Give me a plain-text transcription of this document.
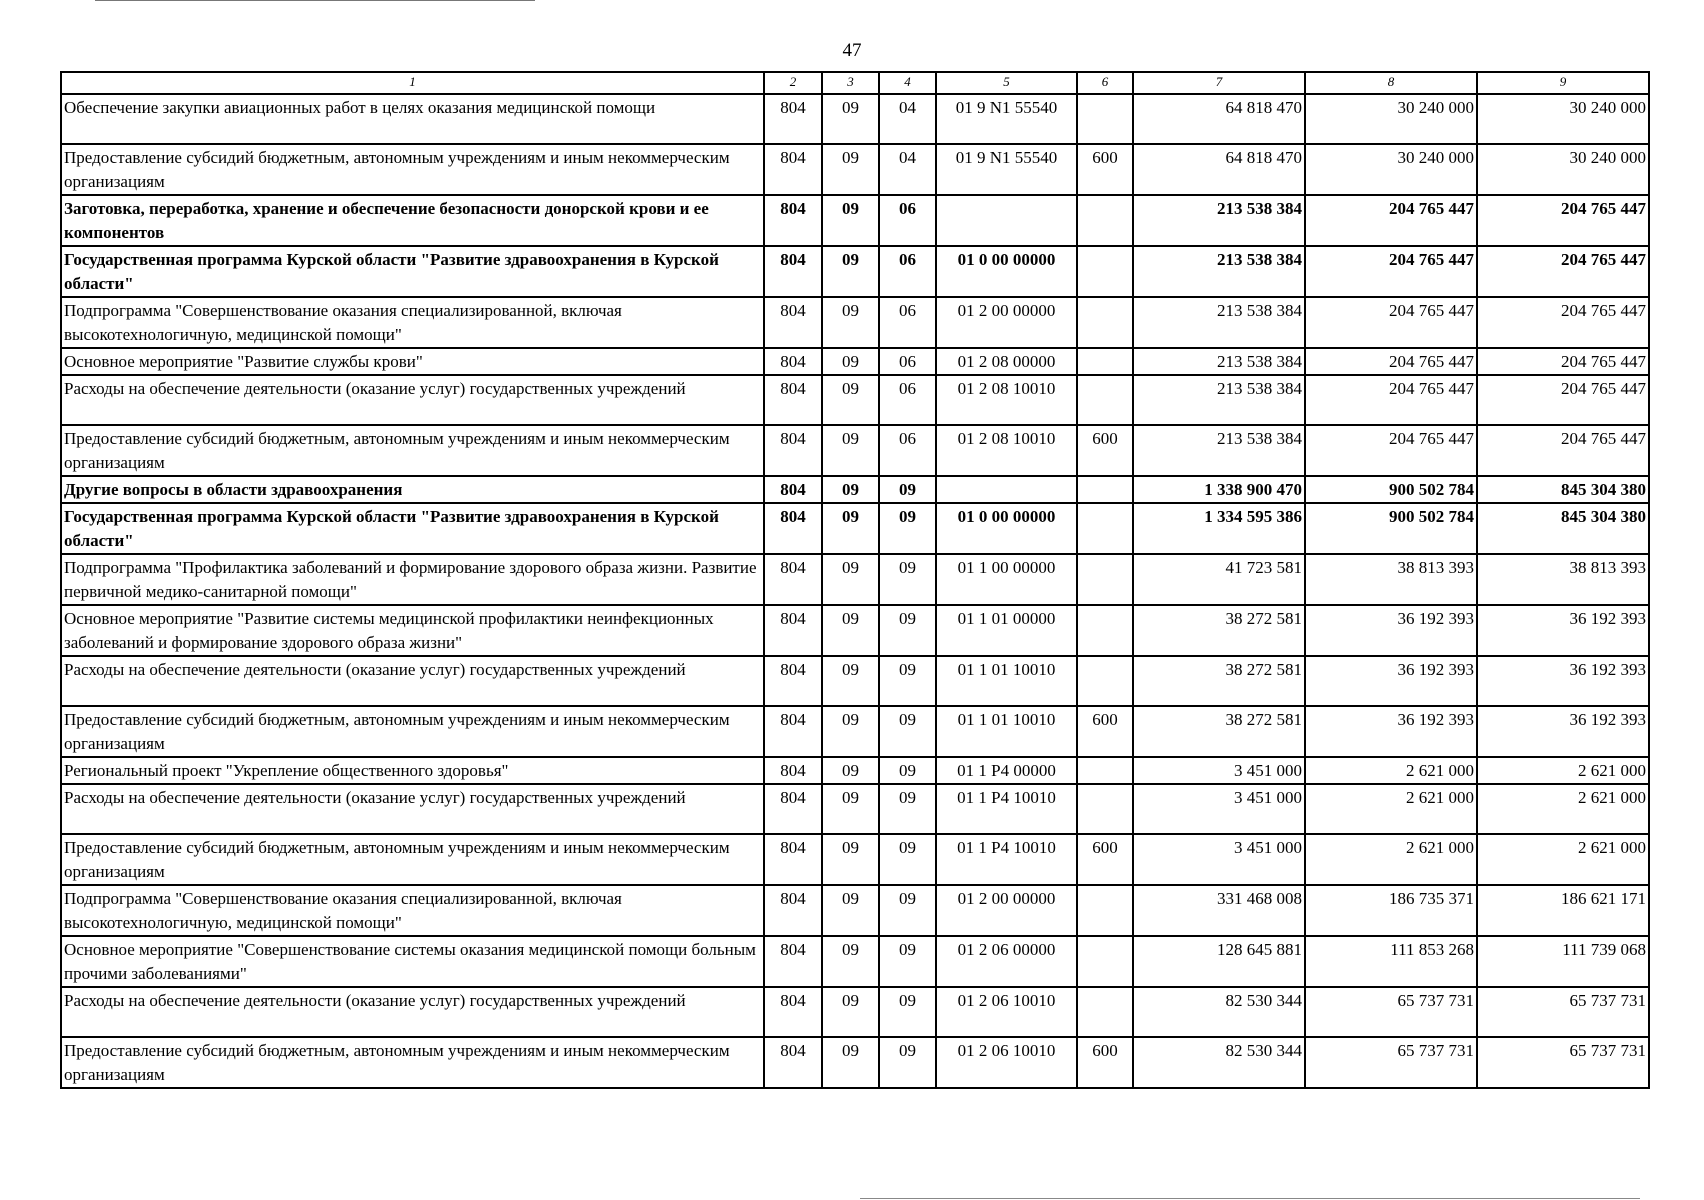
47
1	2	3	4	5	6	7	8	9
Обеспечение закупки авиационных работ в целях оказания медицинской помощи	804	09	04	01 9 N1 55540		64 818 470	30 240 000	30 240 000
Предоставление субсидий бюджетным, автономным учреждениям и иным некоммерческим организациям	804	09	04	01 9 N1 55540	600	64 818 470	30 240 000	30 240 000
Заготовка, переработка, хранение и обеспечение безопасности донорской крови и ее компонентов	804	09	06			213 538 384	204 765 447	204 765 447
Государственная программа Курской области "Развитие здравоохранения в Курской области"	804	09	06	01 0 00 00000		213 538 384	204 765 447	204 765 447
Подпрограмма "Совершенствование оказания специализированной, включая высокотехнологичную, медицинской помощи"	804	09	06	01 2 00 00000		213 538 384	204 765 447	204 765 447
Основное мероприятие "Развитие службы крови"	804	09	06	01 2 08 00000		213 538 384	204 765 447	204 765 447
Расходы на обеспечение деятельности (оказание услуг) государственных учреждений	804	09	06	01 2 08 10010		213 538 384	204 765 447	204 765 447
Предоставление субсидий бюджетным, автономным учреждениям и иным некоммерческим организациям	804	09	06	01 2 08 10010	600	213 538 384	204 765 447	204 765 447
Другие вопросы в области здравоохранения	804	09	09			1 338 900 470	900 502 784	845 304 380
Государственная программа Курской области "Развитие здравоохранения в Курской области"	804	09	09	01 0 00 00000		1 334 595 386	900 502 784	845 304 380
Подпрограмма "Профилактика заболеваний и формирование здорового образа жизни. Развитие первичной медико-санитарной помощи"	804	09	09	01 1 00 00000		41 723 581	38 813 393	38 813 393
Основное мероприятие "Развитие системы медицинской профилактики неинфекционных заболеваний и формирование здорового образа жизни"	804	09	09	01 1 01 00000		38 272 581	36 192 393	36 192 393
Расходы на обеспечение деятельности (оказание услуг) государственных учреждений	804	09	09	01 1 01 10010		38 272 581	36 192 393	36 192 393
Предоставление субсидий бюджетным, автономным учреждениям и иным некоммерческим организациям	804	09	09	01 1 01 10010	600	38 272 581	36 192 393	36 192 393
Региональный проект "Укрепление общественного здоровья"	804	09	09	01 1 P4 00000		3 451 000	2 621 000	2 621 000
Расходы на обеспечение деятельности (оказание услуг) государственных учреждений	804	09	09	01 1 P4 10010		3 451 000	2 621 000	2 621 000
Предоставление субсидий бюджетным, автономным учреждениям и иным некоммерческим организациям	804	09	09	01 1 P4 10010	600	3 451 000	2 621 000	2 621 000
Подпрограмма "Совершенствование оказания специализированной, включая высокотехнологичную, медицинской помощи"	804	09	09	01 2 00 00000		331 468 008	186 735 371	186 621 171
Основное мероприятие "Совершенствование системы оказания медицинской помощи больным прочими заболеваниями"	804	09	09	01 2 06 00000		128 645 881	111 853 268	111 739 068
Расходы на обеспечение деятельности (оказание услуг) государственных учреждений	804	09	09	01 2 06 10010		82 530 344	65 737 731	65 737 731
Предоставление субсидий бюджетным, автономным учреждениям и иным некоммерческим организациям	804	09	09	01 2 06 10010	600	82 530 344	65 737 731	65 737 731
